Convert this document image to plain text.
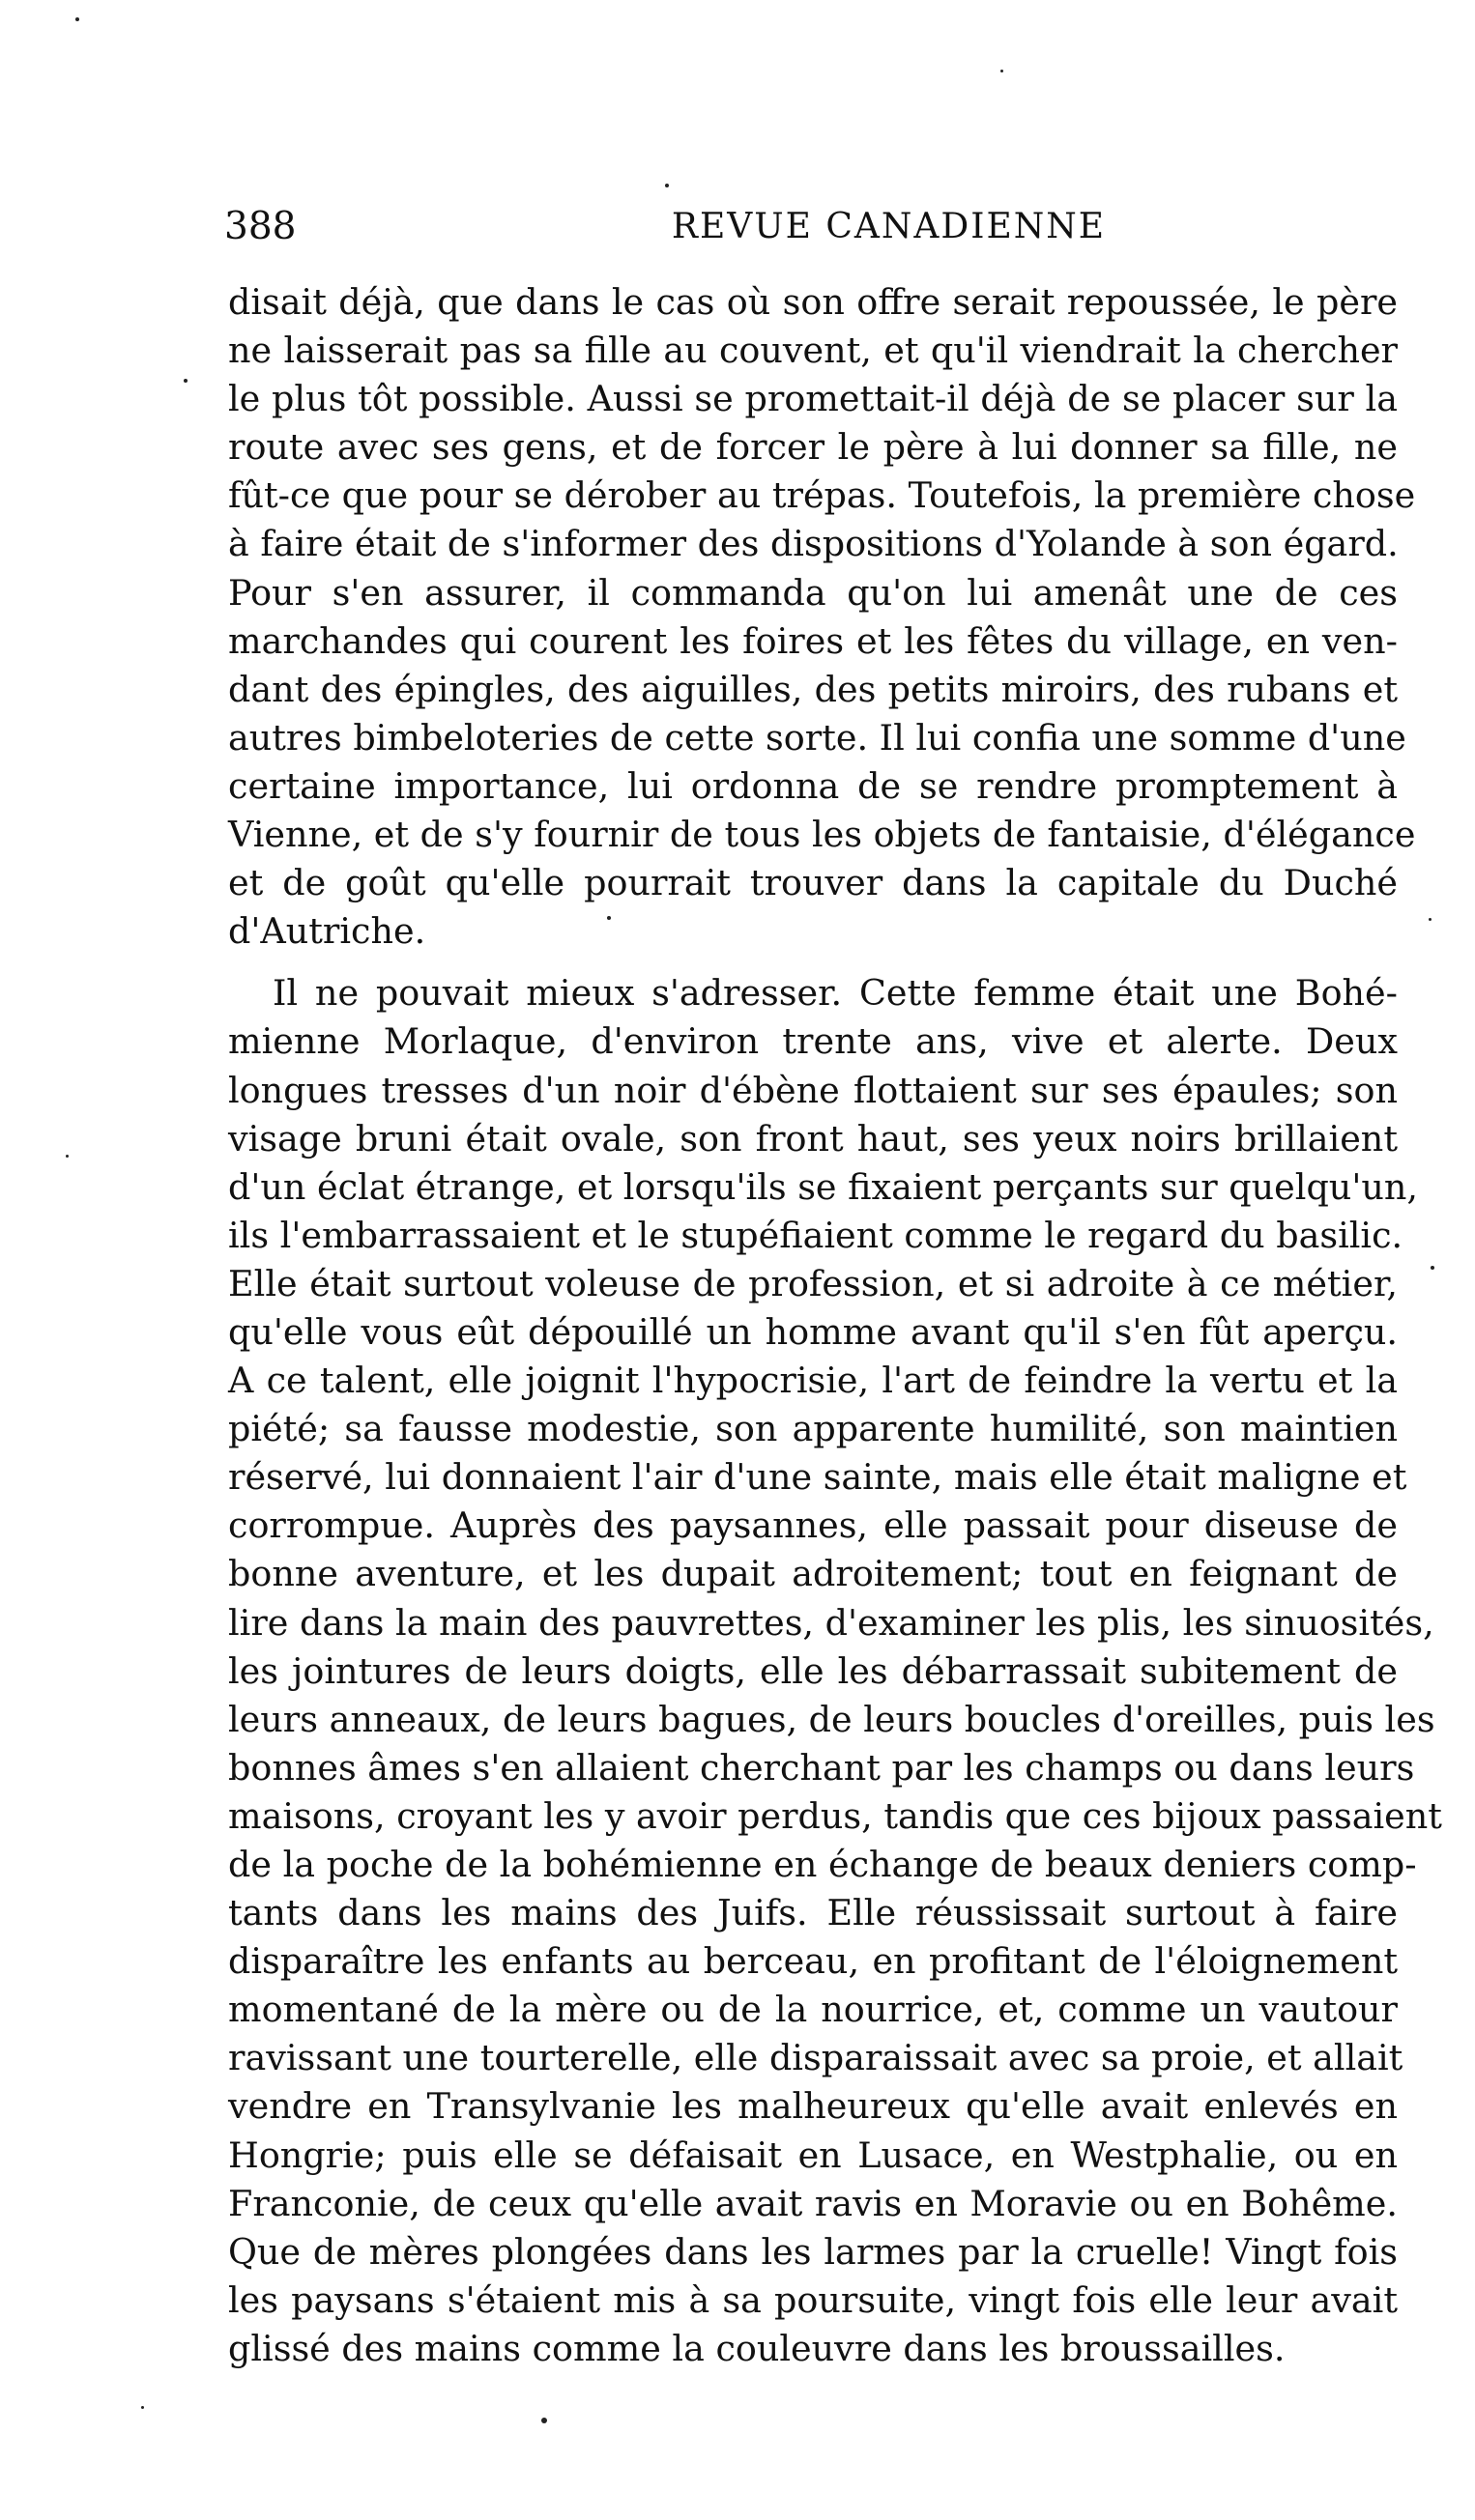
388	REVUE CANADIENNE
disait déjà, que dans le cas où son offre serait repoussée, le père
ne laisserait pas sa fille au couvent, et qu'il viendrait la chercher
le plus tôt possible. Aussi se promettait-il déjà de se placer sur la
route avec ses gens, et de forcer le père à lui donner sa fille, ne
fût-ce que pour se dérober au trépas. Toutefois, la première chose
à faire était de s'informer des dispositions d'Yolande à son égard.
Pour s'en assurer, il commanda qu'on lui amenât une de ces
marchandes qui courent les foires et les fêtes du village, en ven-
dant des épingles, des aiguilles, des petits miroirs, des rubans et
autres bimbeloteries de cette sorte. Il lui confia une somme d'une
certaine importance, lui ordonna de se rendre promptement à
Vienne, et de s'y fournir de tous les objets de fantaisie, d'élégance
et de goût qu'elle pourrait trouver dans la capitale du Duché
d'Autriche.
Il ne pouvait mieux s'adresser. Cette femme était une Bohé-
mienne Morlaque, d'environ trente ans, vive et alerte. Deux
longues tresses d'un noir d'ébène flottaient sur ses épaules; son
visage bruni était ovale, son front haut, ses yeux noirs brillaient
d'un éclat étrange, et lorsqu'ils se fixaient perçants sur quelqu'un,
ils l'embarrassaient et le stupéfiaient comme le regard du basilic.
Elle était surtout voleuse de profession, et si adroite à ce métier,
qu'elle vous eût dépouillé un homme avant qu'il s'en fût aperçu.
A ce talent, elle joignit l'hypocrisie, l'art de feindre la vertu et la
piété; sa fausse modestie, son apparente humilité, son maintien
réservé, lui donnaient l'air d'une sainte, mais elle était maligne et
corrompue. Auprès des paysannes, elle passait pour diseuse de
bonne aventure, et les dupait adroitement; tout en feignant de
lire dans la main des pauvrettes, d'examiner les plis, les sinuosités,
les jointures de leurs doigts, elle les débarrassait subitement de
leurs anneaux, de leurs bagues, de leurs boucles d'oreilles, puis les
bonnes âmes s'en allaient cherchant par les champs ou dans leurs
maisons, croyant les y avoir perdus, tandis que ces bijoux passaient
de la poche de la bohémienne en échange de beaux deniers comp-
tants dans les mains des Juifs. Elle réussissait surtout à faire
disparaître les enfants au berceau, en profitant de l'éloignement
momentané de la mère ou de la nourrice, et, comme un vautour
ravissant une tourterelle, elle disparaissait avec sa proie, et allait
vendre en Transylvanie les malheureux qu'elle avait enlevés en
Hongrie; puis elle se défaisait en Lusace, en Westphalie, ou en
Franconie, de ceux qu'elle avait ravis en Moravie ou en Bohême.
Que de mères plongées dans les larmes par la cruelle! Vingt fois
les paysans s'étaient mis à sa poursuite, vingt fois elle leur avait
glissé des mains comme la couleuvre dans les broussailles.
